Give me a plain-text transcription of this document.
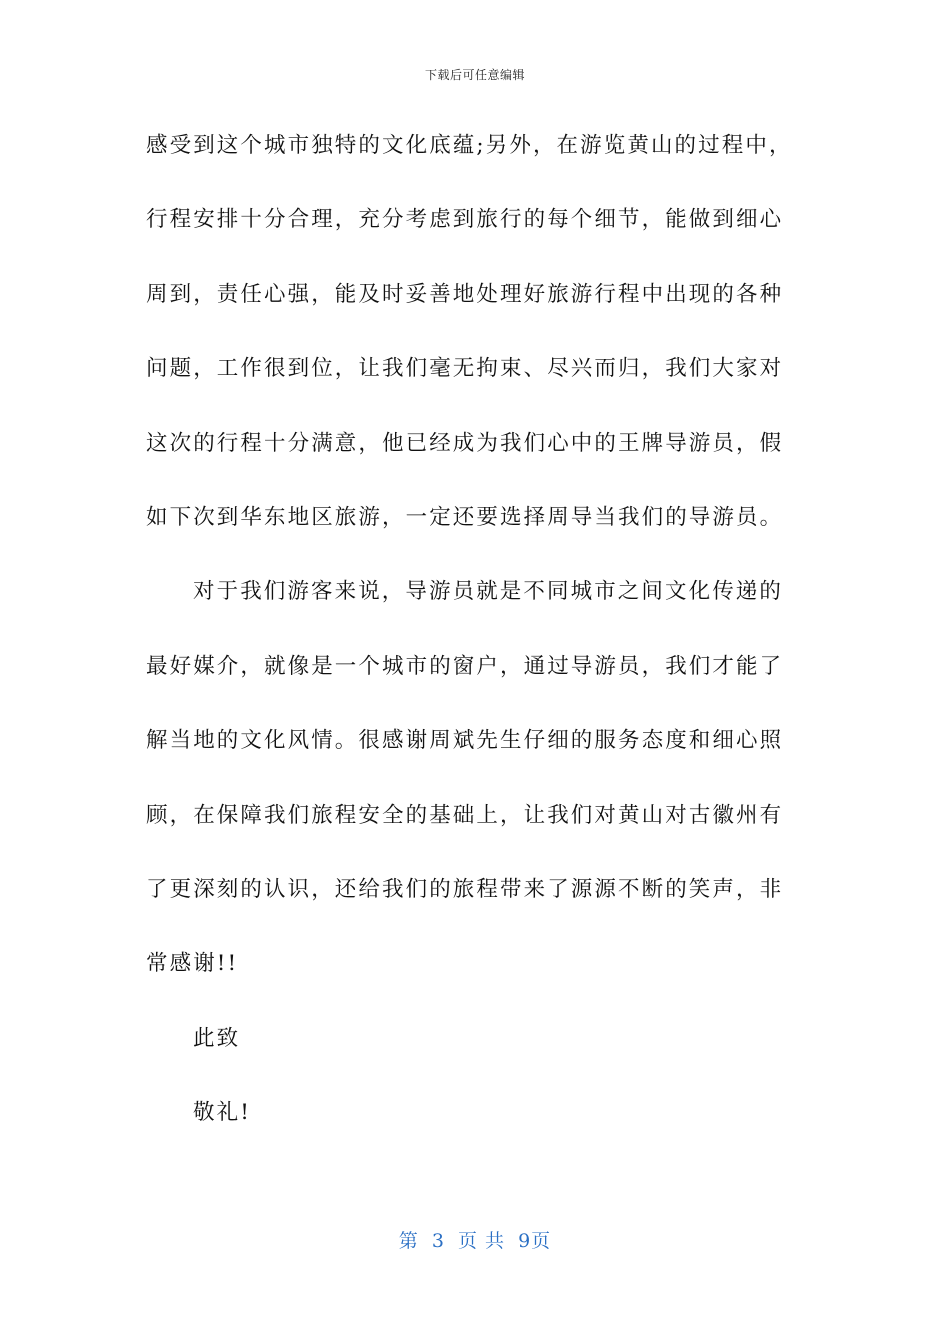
下载后可任意编辑
感受到这个城市独特的文化底蕴;另外，在游览黄山的过程中，
行程安排十分合理，充分考虑到旅行的每个细节，能做到细心
周到，责任心强，能及时妥善地处理好旅游行程中出现的各种
问题，工作很到位，让我们毫无拘束、尽兴而归，我们大家对
这次的行程十分满意，他已经成为我们心中的王牌导游员，假
如下次到华东地区旅游，一定还要选择周导当我们的导游员。
对于我们游客来说，导游员就是不同城市之间文化传递的
最好媒介，就像是一个城市的窗户，通过导游员，我们才能了
解当地的文化风情。很感谢周斌先生仔细的服务态度和细心照
顾，在保障我们旅程安全的基础上，让我们对黄山对古徽州有
了更深刻的认识，还给我们的旅程带来了源源不断的笑声，非
常感谢!!
此致
敬礼!
第 3 页 共 9页
